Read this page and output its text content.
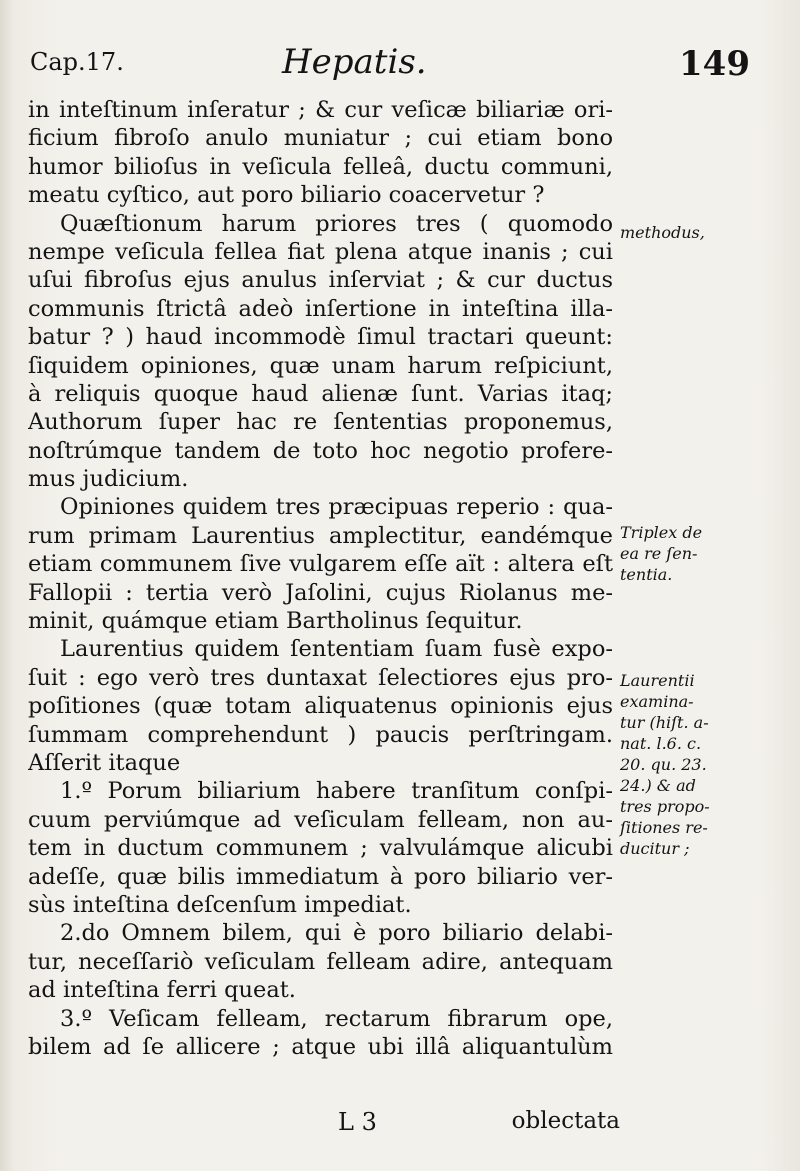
Cap.17.	Hepatis.	149
in inteſtinum inſeratur ; & cur veſicæ biliariæ ori-
ficium fibroſo anulo muniatur ; cui etiam bono
humor bilioſus in veſicula felleâ, ductu communi,
meatu cyſtico, aut poro biliario coacervetur ?
Quæſtionum harum priores tres ( quomodo
nempe veſicula fellea fiat plena atque inanis ; cui
uſui fibroſus ejus anulus inſerviat ; & cur ductus
communis ſtrictâ adeò inſertione in inteſtina illa-
batur ? ) haud incommodè ſimul tractari queunt:
ſiquidem opiniones, quæ unam harum reſpiciunt,
à reliquis quoque haud alienæ ſunt. Varias itaq;
Authorum ſuper hac re ſententias proponemus,
noſtrúmque tandem de toto hoc negotio profere-
mus judicium.
Opiniones quidem tres præcipuas reperio : qua-
rum primam Laurentius amplectitur, eandémque
etiam communem ſive vulgarem eſſe aït : altera eſt
Fallopii : tertia verò Jaſolini, cujus Riolanus me-
minit, quámque etiam Bartholinus ſequitur.
Laurentius quidem ſententiam ſuam fusè expo-
ſuit : ego verò tres duntaxat ſelectiores ejus pro-
poſitiones (quæ totam aliquatenus opinionis ejus
ſummam comprehendunt ) paucis perſtringam.
Aſſerit itaque
1.º Porum biliarium habere tranſitum conſpi-
cuum perviúmque ad veſiculam felleam, non au-
tem in ductum communem ; valvulámque alicubi
adeſſe, quæ bilis immediatum à poro biliario ver-
sùs inteſtina deſcenſum impediat.
2.do Omnem bilem, qui è poro biliario delabi-
tur, neceſſariò veſiculam felleam adire, antequam
ad inteſtina ferri queat.
3.º Veſicam felleam, rectarum fibrarum ope,
bilem ad ſe allicere ; atque ubi illâ aliquantulùm
methodus,
Triplex de
ea re ſen-
tentia.
Laurentii
examina-
tur (hiſt. a-
nat. l.6. c.
20. qu. 23.
24.) & ad
tres propo-
ſitiones re-
ducitur ;
L 3	oblectata
